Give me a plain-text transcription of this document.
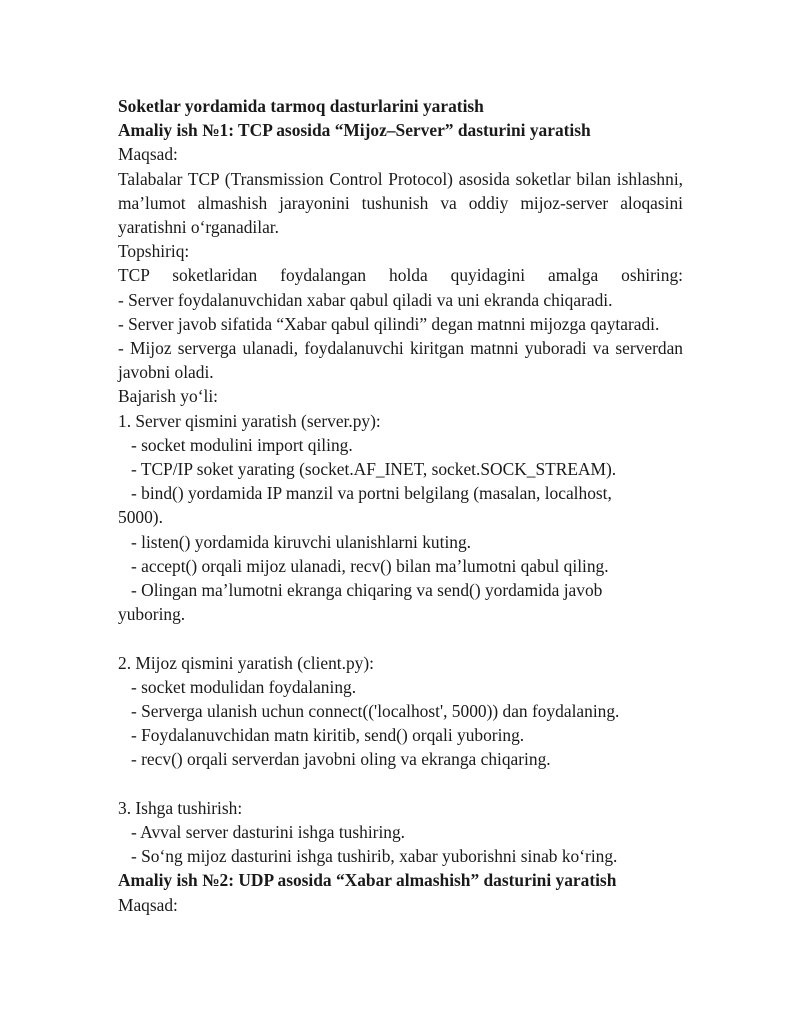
Soketlar yordamida tarmoq dasturlarini yaratish
Amaliy ish №1: TCP asosida “Mijoz–Server” dasturini yaratish
Maqsad:
Talabalar TCP (Transmission Control Protocol) asosida soketlar bilan ishlashni, ma’lumot almashish jarayonini tushunish va oddiy mijoz-server aloqasini yaratishni oʻrganadilar.
Topshiriq:
TCP soketlaridan foydalangan holda quyidagini amalga oshiring:
- Server foydalanuvchidan xabar qabul qiladi va uni ekranda chiqaradi.
- Server javob sifatida “Xabar qabul qilindi” degan matnni mijozga qaytaradi.
- Mijoz serverga ulanadi, foydalanuvchi kiritgan matnni yuboradi va serverdan javobni oladi.
Bajarish yoʻli:
1. Server qismini yaratish (server.py):
- socket modulini import qiling.
- TCP/IP soket yarating (socket.AF_INET, socket.SOCK_STREAM).
- bind() yordamida IP manzil va portni belgilang (masalan, localhost,
5000).
- listen() yordamida kiruvchi ulanishlarni kuting.
- accept() orqali mijoz ulanadi, recv() bilan ma’lumotni qabul qiling.
- Olingan ma’lumotni ekranga chiqaring va send() yordamida javob
yuboring.
2. Mijoz qismini yaratish (client.py):
- socket modulidan foydalaning.
- Serverga ulanish uchun connect(('localhost', 5000)) dan foydalaning.
- Foydalanuvchidan matn kiritib, send() orqali yuboring.
- recv() orqali serverdan javobni oling va ekranga chiqaring.
3. Ishga tushirish:
- Avval server dasturini ishga tushiring.
- Soʻng mijoz dasturini ishga tushirib, xabar yuborishni sinab koʻring.
Amaliy ish №2: UDP asosida “Xabar almashish” dasturini yaratish
Maqsad:
